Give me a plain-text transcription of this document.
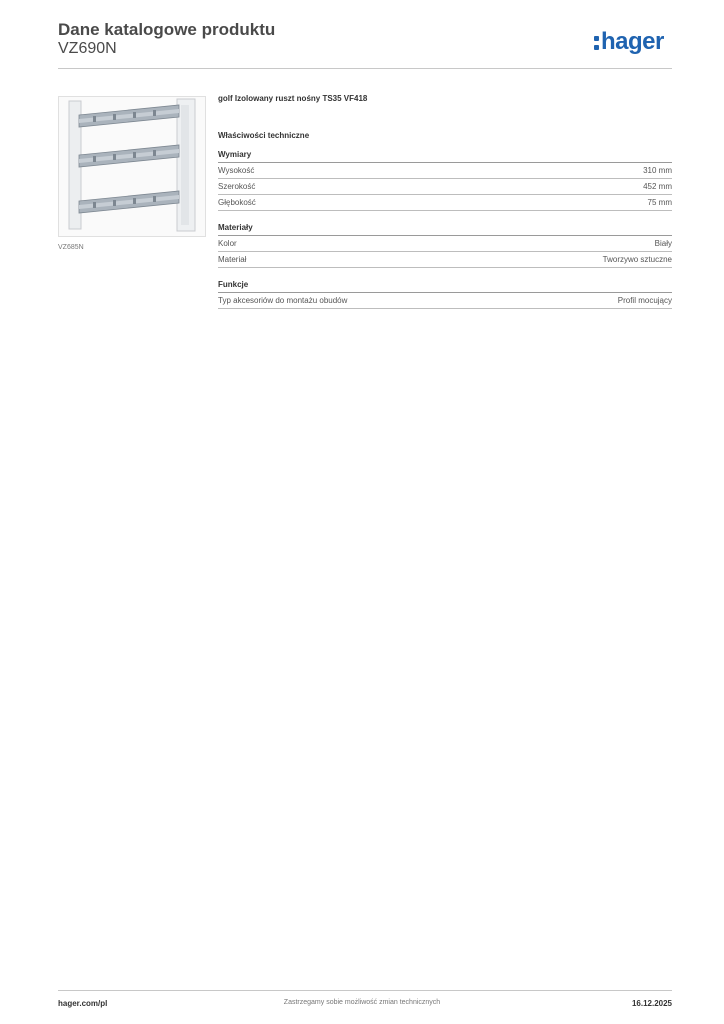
Dane katalogowe produktu
VZ690N	hager
VZ685N
golf Izolowany ruszt nośny TS35 VF418
Właściwości techniczne
Wymiary
Wysokość	310 mm
Szerokość	452 mm
Głębokość	75 mm
Materiały
Kolor	Biały
Materiał	Tworzywo sztuczne
Funkcje
Typ akcesoriów do montażu obudów	Profil mocujący
Zastrzegamy sobie możliwość zmian technicznych
hager.com/pl	16.12.2025
